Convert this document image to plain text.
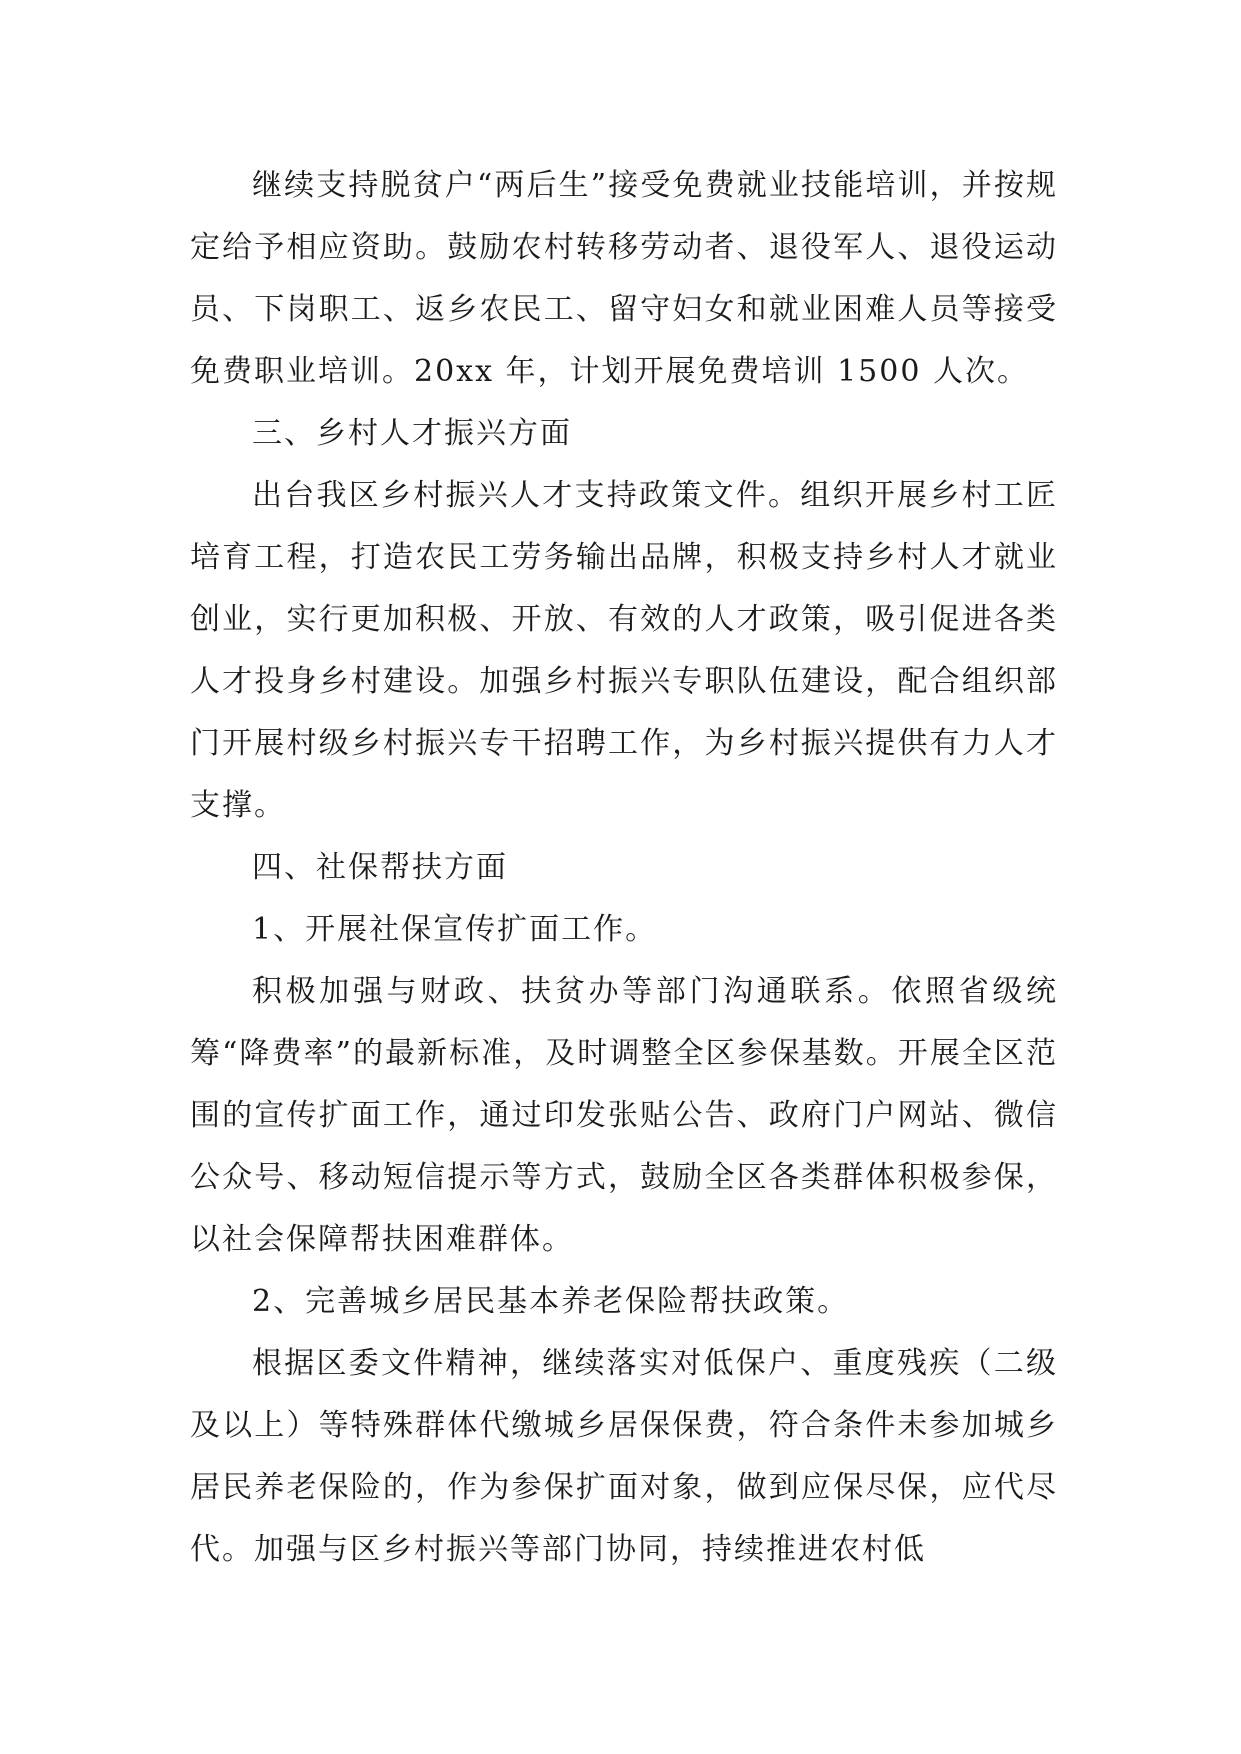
继续支持脱贫户“两后生”接受免费就业技能培训，并按规定给予相应资助。鼓励农村转移劳动者、退役军人、退役运动员、下岗职工、返乡农民工、留守妇女和就业困难人员等接受免费职业培训。20xx 年，计划开展免费培训 1500 人次。

三、乡村人才振兴方面

出台我区乡村振兴人才支持政策文件。组织开展乡村工匠培育工程，打造农民工劳务输出品牌，积极支持乡村人才就业创业，实行更加积极、开放、有效的人才政策，吸引促进各类人才投身乡村建设。加强乡村振兴专职队伍建设，配合组织部门开展村级乡村振兴专干招聘工作，为乡村振兴提供有力人才支撑。

四、社保帮扶方面

1、开展社保宣传扩面工作。

积极加强与财政、扶贫办等部门沟通联系。依照省级统筹“降费率”的最新标准，及时调整全区参保基数。开展全区范围的宣传扩面工作，通过印发张贴公告、政府门户网站、微信公众号、移动短信提示等方式，鼓励全区各类群体积极参保，以社会保障帮扶困难群体。

2、完善城乡居民基本养老保险帮扶政策。

根据区委文件精神，继续落实对低保户、重度残疾（二级及以上）等特殊群体代缴城乡居保保费，符合条件未参加城乡居民养老保险的，作为参保扩面对象，做到应保尽保，应代尽代。加强与区乡村振兴等部门协同，持续推进农村低
